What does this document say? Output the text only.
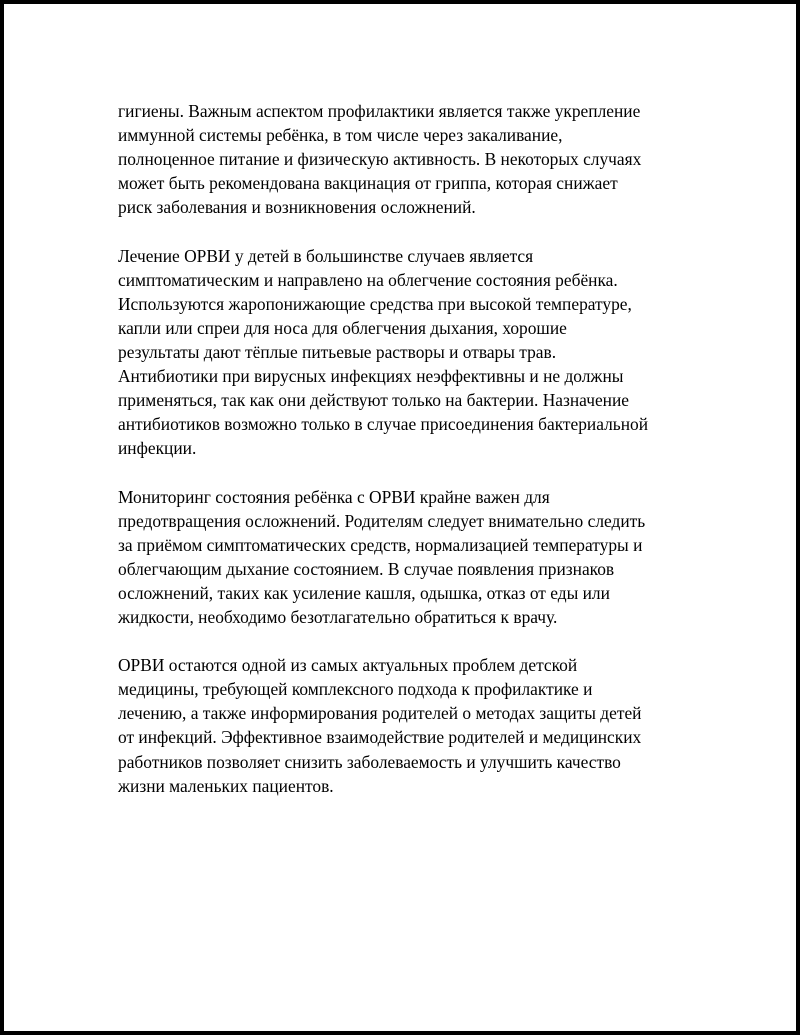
гигиены. Важным аспектом профилактики является также укрепление
иммунной системы ребёнка, в том числе через закаливание,
полноценное питание и физическую активность. В некоторых случаях
может быть рекомендована вакцинация от гриппа, которая снижает
риск заболевания и возникновения осложнений.

Лечение ОРВИ у детей в большинстве случаев является
симптоматическим и направлено на облегчение состояния ребёнка.
Используются жаропонижающие средства при высокой температуре,
капли или спреи для носа для облегчения дыхания, хорошие
результаты дают тёплые питьевые растворы и отвары трав.
Антибиотики при вирусных инфекциях неэффективны и не должны
применяться, так как они действуют только на бактерии. Назначение
антибиотиков возможно только в случае присоединения бактериальной
инфекции.

Мониторинг состояния ребёнка с ОРВИ крайне важен для
предотвращения осложнений. Родителям следует внимательно следить
за приёмом симптоматических средств, нормализацией температуры и
облегчающим дыхание состоянием. В случае появления признаков
осложнений, таких как усиление кашля, одышка, отказ от еды или
жидкости, необходимо безотлагательно обратиться к врачу.

ОРВИ остаются одной из самых актуальных проблем детской
медицины, требующей комплексного подхода к профилактике и
лечению, а также информирования родителей о методах защиты детей
от инфекций. Эффективное взаимодействие родителей и медицинских
работников позволяет снизить заболеваемость и улучшить качество
жизни маленьких пациентов.
